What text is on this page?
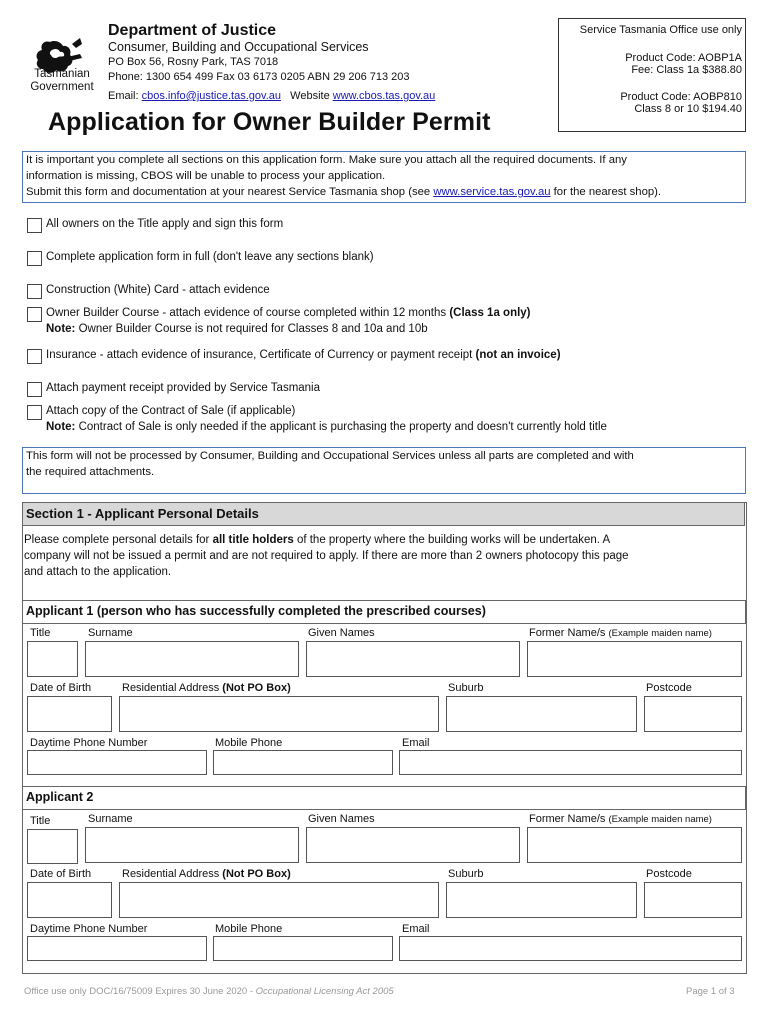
Tasmanian
Government
Department of Justice
Consumer, Building and Occupational Services
PO Box 56, Rosny Park, TAS 7018
Phone: 1300 654 499 Fax 03 6173 0205 ABN 29 206 713 203
Email: cbos.info@justice.tas.gov.au Website www.cbos.tas.gov.au
Application for Owner Builder Permit
Service Tasmania Office use only
Product Code: AOBP1A
Fee: Class 1a $388.80
Product Code: AOBP810
Class 8 or 10 $194.40
It is important you complete all sections on this application form. Make sure you attach all the required documents. If any
information is missing, CBOS will be unable to process your application.
Submit this form and documentation at your nearest Service Tasmania shop (see www.service.tas.gov.au for the nearest shop).
All owners on the Title apply and sign this form
Complete application form in full (don't leave any sections blank)
Construction (White) Card - attach evidence
Owner Builder Course - attach evidence of course completed within 12 months (Class 1a only)
Note: Owner Builder Course is not required for Classes 8 and 10a and 10b
Insurance - attach evidence of insurance, Certificate of Currency or payment receipt (not an invoice)
Attach payment receipt provided by Service Tasmania
Attach copy of the Contract of Sale (if applicable)
Note: Contract of Sale is only needed if the applicant is purchasing the property and doesn't currently hold title
This form will not be processed by Consumer, Building and Occupational Services unless all parts are completed and with
the required attachments.
Section 1 - Applicant Personal Details
Please complete personal details for all title holders of the property where the building works will be undertaken. A
company will not be issued a permit and are not required to apply. If there are more than 2 owners photocopy this page
and attach to the application.
Applicant 1 (person who has successfully completed the prescribed courses)
Title	Surname	Given Names	Former Name/s (Example maiden name)
Date of Birth	Residential Address (Not PO Box)	Suburb	Postcode
Daytime Phone Number	Mobile Phone	Email
Applicant 2
Title	Surname	Given Names	Former Name/s (Example maiden name)
Date of Birth	Residential Address (Not PO Box)	Suburb	Postcode
Daytime Phone Number	Mobile Phone	Email
Office use only DOC/16/75009 Expires 30 June 2020 - Occupational Licensing Act 2005	Page 1 of 3
